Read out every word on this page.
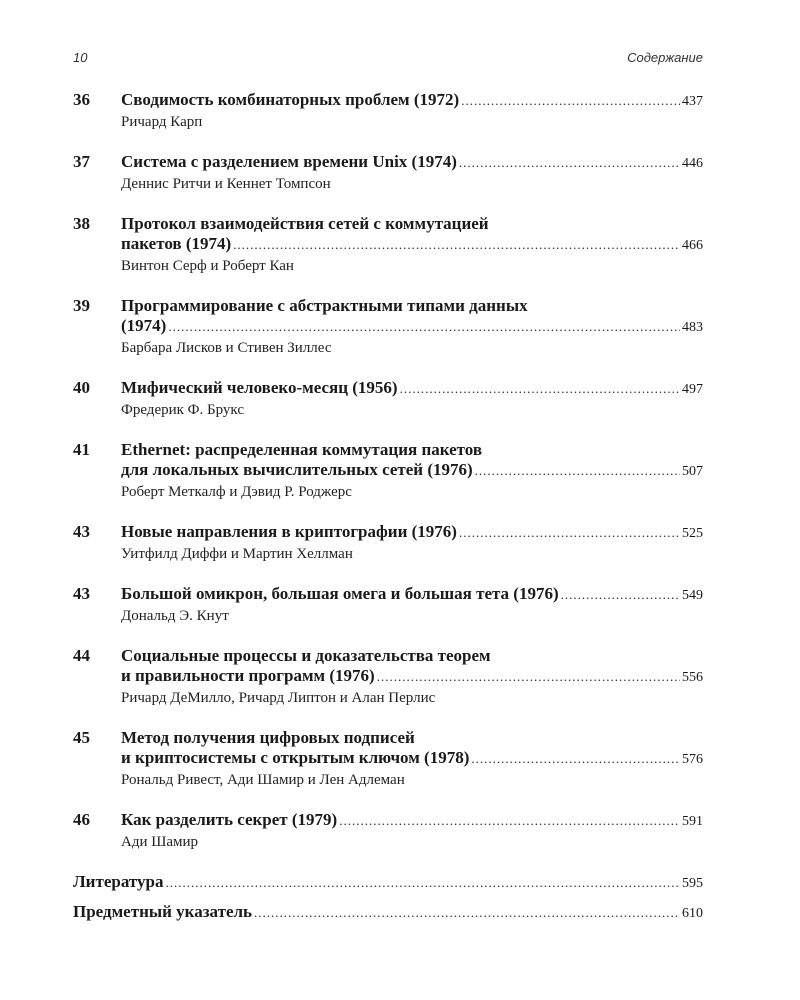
10	Содержание
36	Сводимость комбинаторных проблем (1972) .....	437
Ричард Карп
37	Система с разделением времени Unix (1974) .....	446
Деннис Ритчи и Кеннет Томпсон
38	Протокол взаимодействия сетей с коммутацией
пакетов (1974) .....	466
Винтон Серф и Роберт Кан
39	Программирование с абстрактными типами данных
(1974) .....	483
Барбара Лисков и Стивен Зиллес
40	Мифический человеко-месяц (1956) .....	497
Фредерик Ф. Брукс
41	Ethernet: распределенная коммутация пакетов
для локальных вычислительных сетей (1976) .....	507
Роберт Меткалф и Дэвид Р. Роджерс
43	Новые направления в криптографии (1976) .....	525
Уитфилд Диффи и Мартин Хеллман
43	Большой омикрон, большая омега и большая тета (1976) .....	549
Дональд Э. Кнут
44	Социальные процессы и доказательства теорем
и правильности программ (1976) .....	556
Ричард ДеМилло, Ричард Липтон и Алан Перлис
45	Метод получения цифровых подписей
и криптосистемы с открытым ключом (1978) .....	576
Рональд Ривест, Ади Шамир и Лен Адлеман
46	Как разделить секрет (1979) .....	591
Ади Шамир
Литература .....	595
Предметный указатель .....	610
